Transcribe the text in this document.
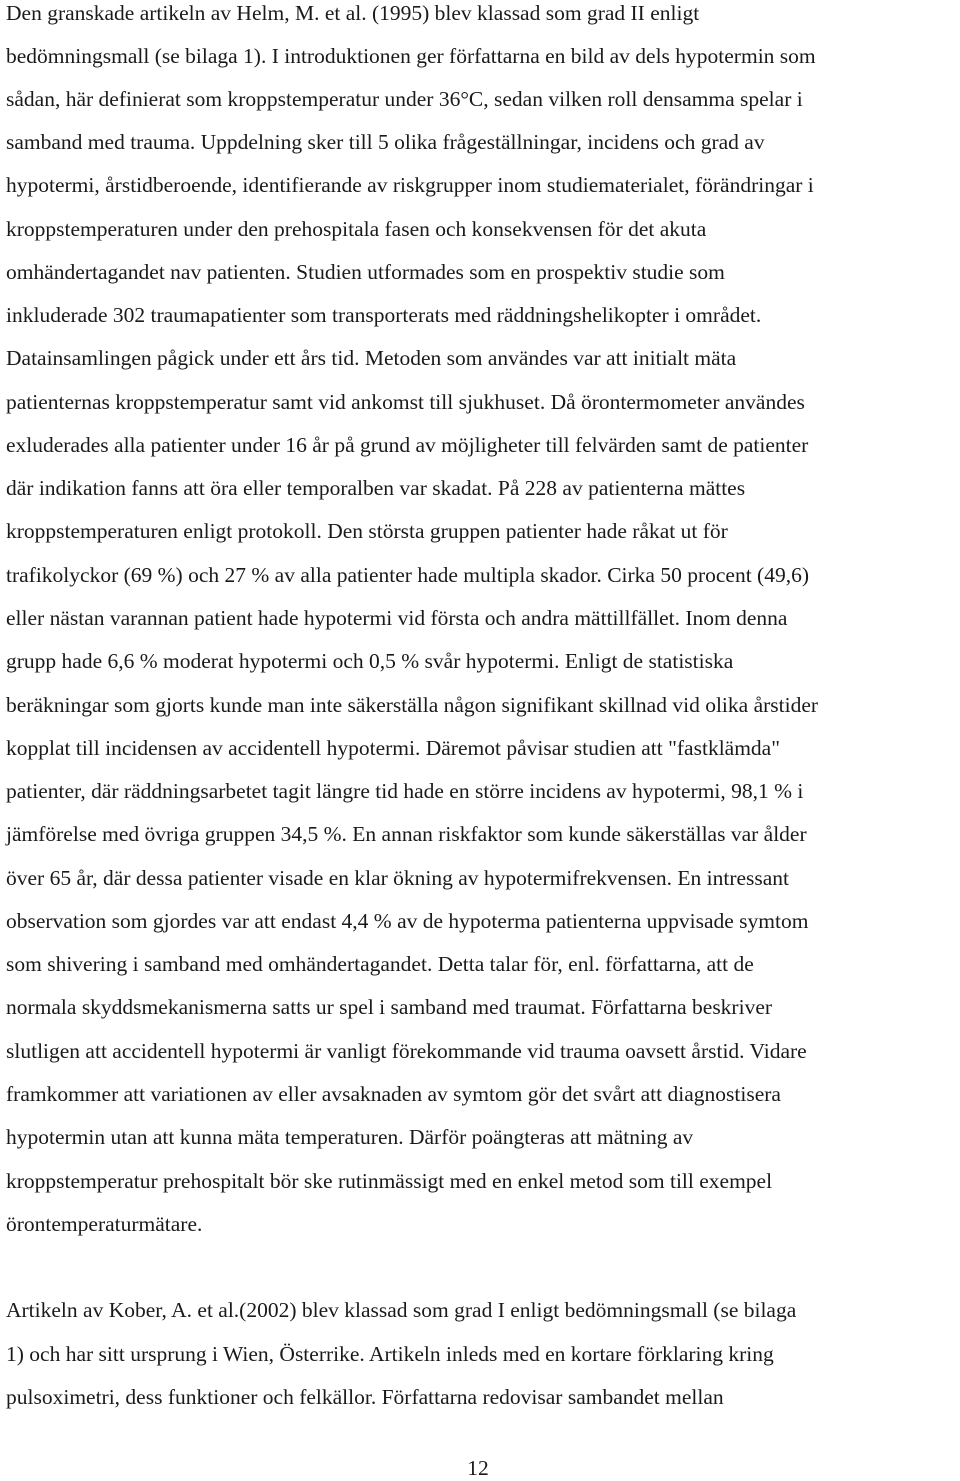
Den granskade artikeln av Helm, M. et al. (1995) blev klassad som grad II enligt
bedömningsmall (se bilaga 1). I introduktionen ger författarna en bild av dels hypotermin som
sådan, här definierat som kroppstemperatur under 36°C, sedan vilken roll densamma spelar i
samband med trauma. Uppdelning sker till 5 olika frågeställningar, incidens och grad av
hypotermi, årstidberoende, identifierande av riskgrupper inom studiematerialet, förändringar i
kroppstemperaturen under den prehospitala fasen och konsekvensen för det akuta
omhändertagandet nav patienten. Studien utformades som en prospektiv studie som
inkluderade 302 traumapatienter som transporterats med räddningshelikopter i området.
Datainsamlingen pågick under ett års tid. Metoden som användes var att initialt mäta
patienternas kroppstemperatur samt vid ankomst till sjukhuset. Då örontermometer användes
exluderades alla patienter under 16 år på grund av möjligheter till felvärden samt de patienter
där indikation fanns att öra eller temporalben var skadat. På 228 av patienterna mättes
kroppstemperaturen enligt protokoll. Den största gruppen patienter hade råkat ut för
trafikolyckor (69 %) och 27 % av alla patienter hade multipla skador. Cirka 50 procent (49,6)
eller nästan varannan patient hade hypotermi vid första och andra mättillfället. Inom denna
grupp hade 6,6 % moderat hypotermi och 0,5 % svår hypotermi. Enligt de statistiska
beräkningar som gjorts kunde man inte säkerställa någon signifikant skillnad vid olika årstider
kopplat till incidensen av accidentell hypotermi. Däremot påvisar studien att "fastklämda"
patienter, där räddningsarbetet tagit längre tid hade en större incidens av hypotermi, 98,1 % i
jämförelse med övriga gruppen 34,5 %. En annan riskfaktor som kunde säkerställas var ålder
över 65 år, där dessa patienter visade en klar ökning av hypotermifrekvensen. En intressant
observation som gjordes var att endast 4,4 % av de hypoterma patienterna uppvisade symtom
som shivering i samband med omhändertagandet. Detta talar för, enl. författarna, att de
normala skyddsmekanismerna satts ur spel i samband med traumat. Författarna beskriver
slutligen att accidentell hypotermi är vanligt förekommande vid trauma oavsett årstid. Vidare
framkommer att variationen av eller avsaknaden av symtom gör det svårt att diagnostisera
hypotermin utan att kunna mäta temperaturen. Därför poängteras att mätning av
kroppstemperatur prehospitalt bör ske rutinmässigt med en enkel metod som till exempel
örontemperaturmätare.
Artikeln av Kober, A. et al.(2002) blev klassad som grad I enligt bedömningsmall (se bilaga
1) och har sitt ursprung i Wien, Österrike. Artikeln inleds med en kortare förklaring kring
pulsoximetri, dess funktioner och felkällor. Författarna redovisar sambandet mellan
12
